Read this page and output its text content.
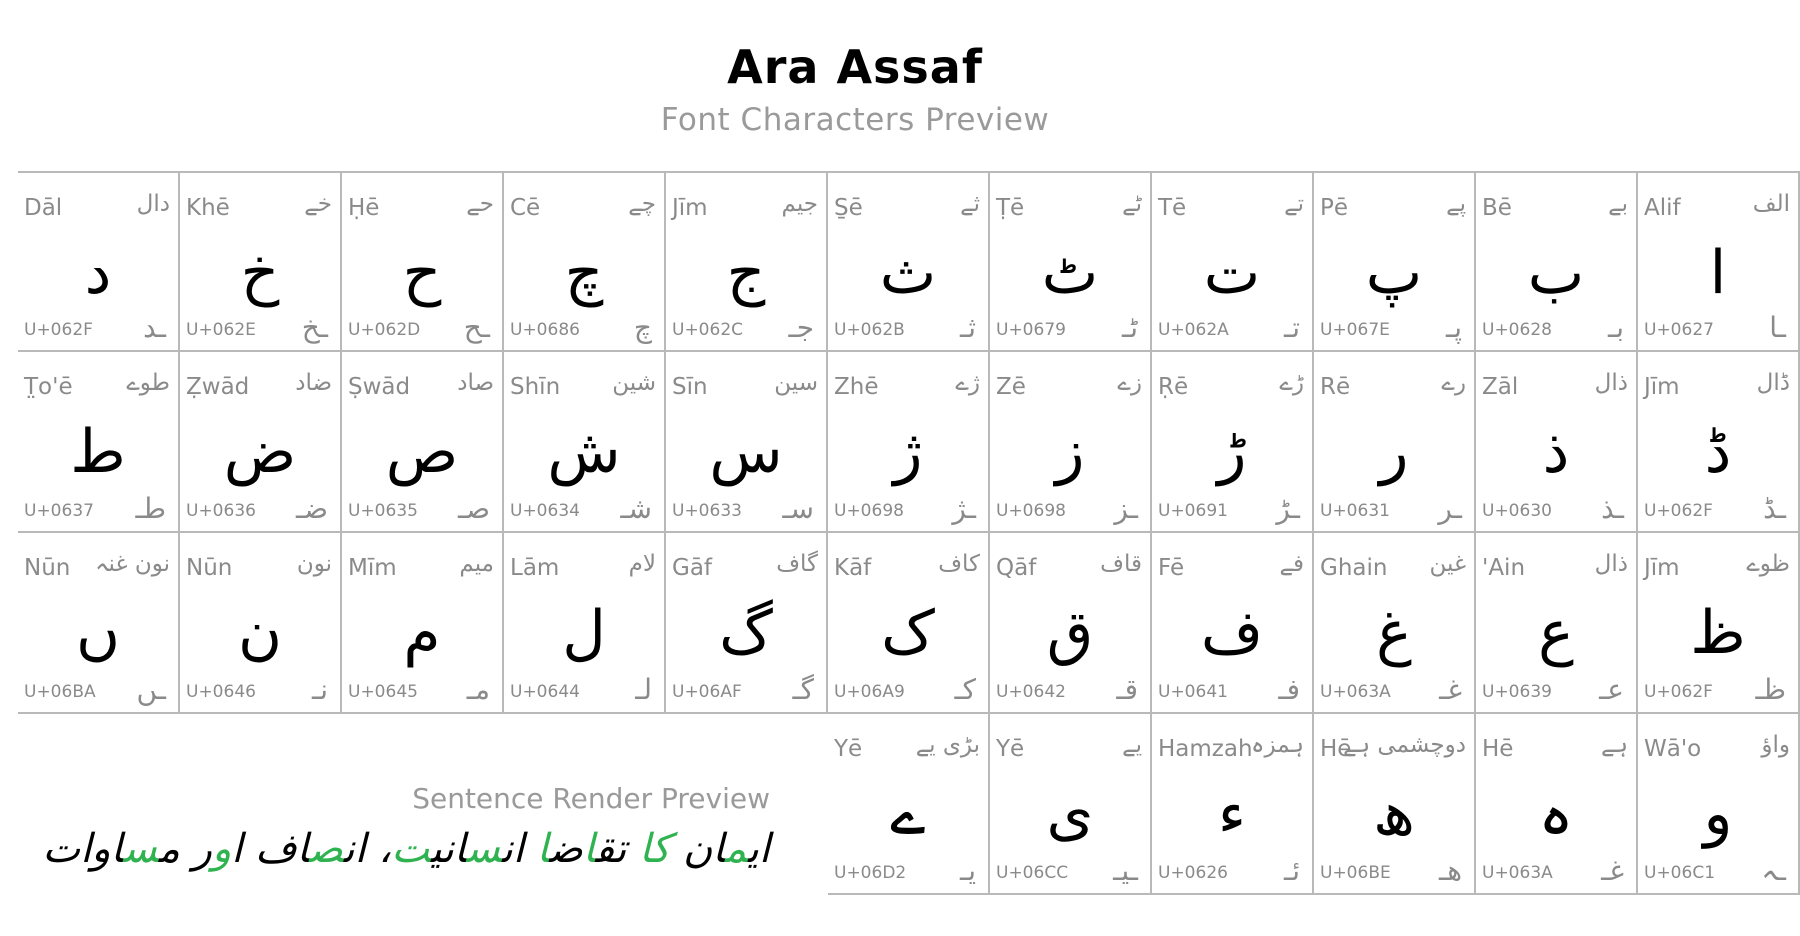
Ara Assaf
Font Characters Preview
Dāl	دال
د
U+062F ـد
Khē	خے
خ
U+062E ـخ
Ḥē	حے
ح
U+062D ـح
Cē	چے
چ
U+0686 چ
Jīm	جیم
ج
U+062C جـ
S̱ē	ثے
ث
U+062B ثـ
Ṭē	ٹے
ٹ
U+0679 ٹـ
Tē	تے
ت
U+062A تـ
Pē	پے
پ
U+067E پـ
Bē	بے
ب
U+0628 بـ
Alif	الف
ا
U+0627 ـا
T̤o'ē طوے
ط
U+0637 طـ
Ẓwād ضاد
ض
U+0636 ضـ
Ṣwād صاد
ص
U+0635 صـ
Shīn شین
ش
U+0634 شـ
Sīn	سین
س
U+0633 سـ
Zhē	ژے
ژ
U+0698 ـژ
Zē	زے
ز
U+0698 ـز
Ṛē	ڑے
ڑ
U+0691 ـڑ
Rē	رے
ر
U+0631 ـر
Zāl	ذال
ذ
U+0630 ـذ
Jīm	ڈال
ڈ
U+062F ـڈ
Nūn نون غنہ
ں
U+06BA ـں
Nūn	نون
ن
U+0646 نـ
Mīm	میم
م
U+0645 مـ
Lām	لام
ل
U+0644 لـ
Gāf	گاف
گ
U+06AF گـ
Kāf	کاف
ک
U+06A9 کـ
Qāf	قاف
ق
U+0642 قـ
Fē	فے
ف
U+0641 فـ
Ghain غین
غ
U+063A غـ
'Ain	ذال
ع
U+0639 عـ
Jīm	ظوے
ظ
U+062F ظـ
Yē بڑی یے
ے
U+06D2 یـ
Yē	یے
ی
U+06CC ـیـ
Hamzah
ہمزہ
ء
U+0626 ئـ
Hē
دوچشمی ہے
ھ
U+06BE ھـ
Hē	ہے
ہ
U+063A غـ
Wā'o	واؤ
و
U+06C1 ـہ
Sentence Render Preview
ایمان کا تقاضا انسانیت، انصاف اور مساوات
